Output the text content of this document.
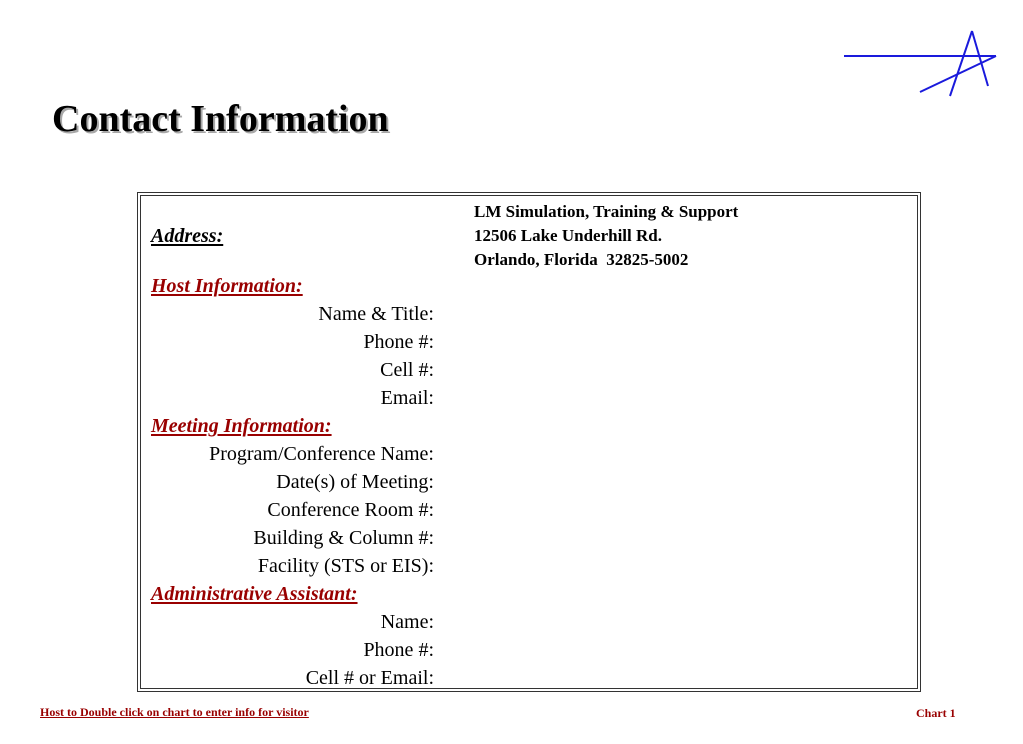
Contact Information
Address:
Host Information:
Name & Title:
Phone #:
Cell #:
Email:
Meeting Information:
Program/Conference Name:
Date(s) of Meeting:
Conference Room #:
Building & Column #:
Facility (STS or EIS):
Administrative Assistant:
Name:
Phone #:
Cell # or Email:
LM Simulation, Training & Support
12506 Lake Underhill Rd.
Orlando, Florida  32825-5002
Host to Double click on chart to enter info for visitor	Chart 1
